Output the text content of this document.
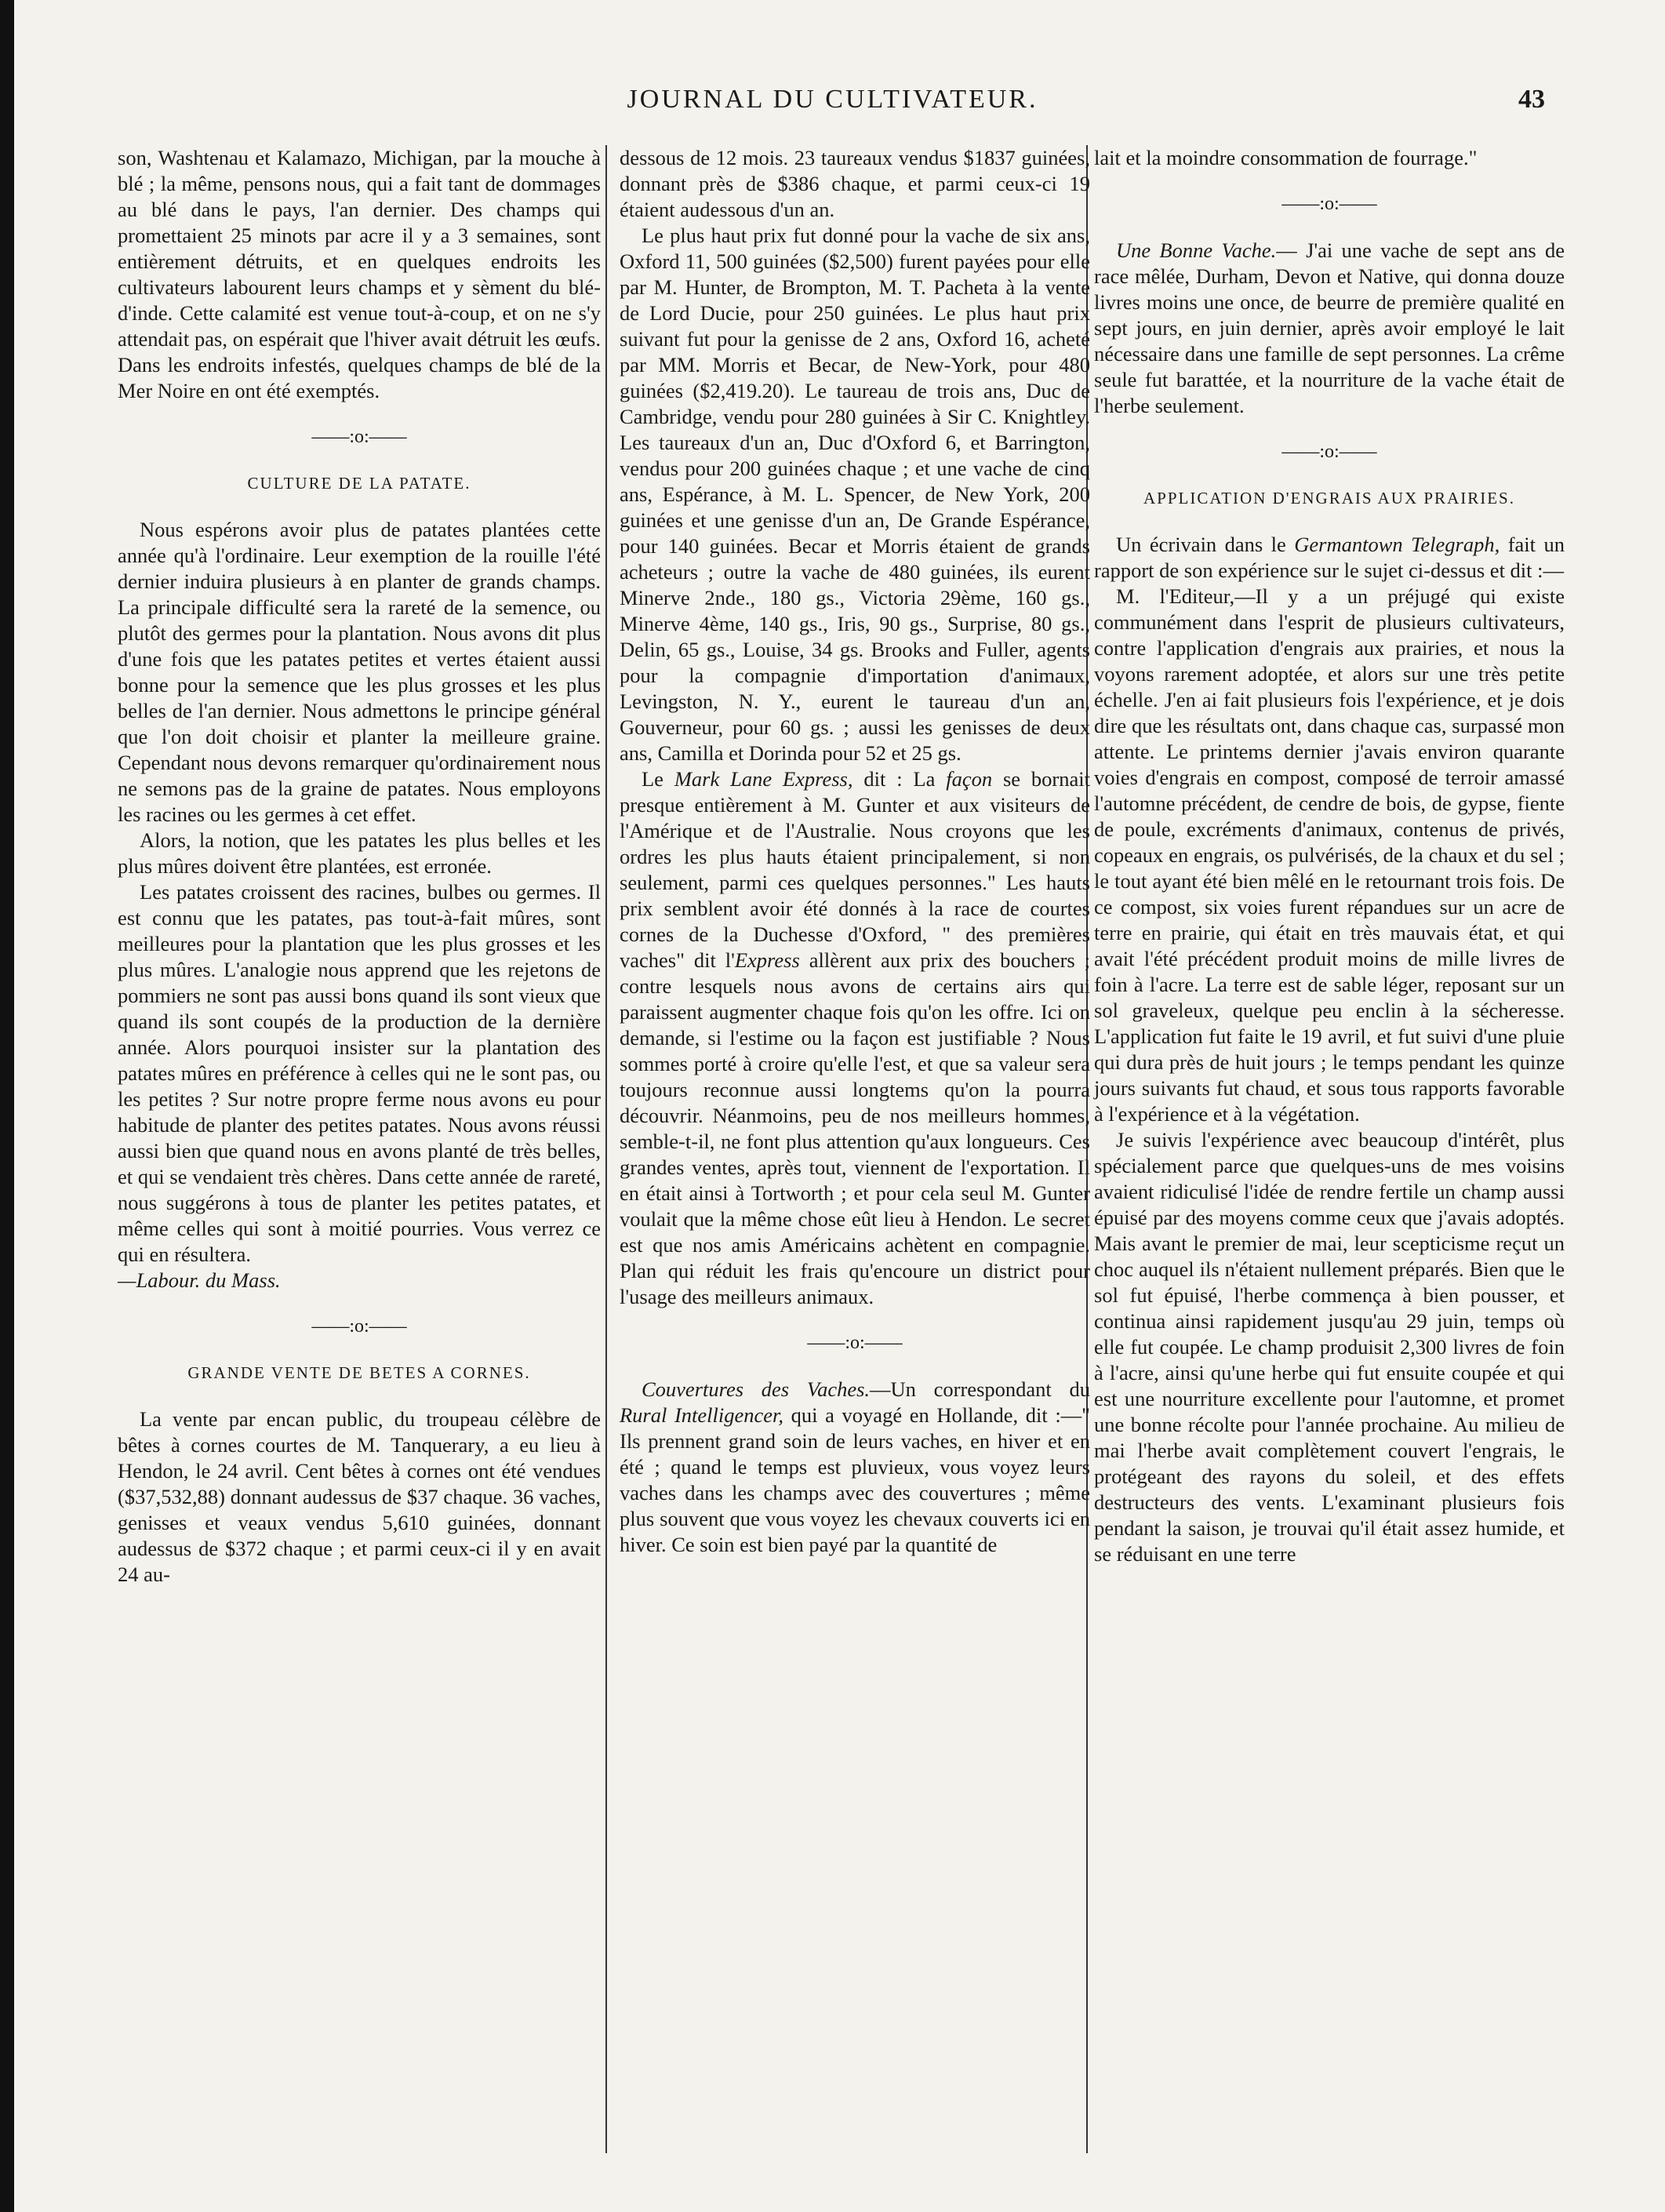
JOURNAL DU CULTIVATEUR.	43

son, Washtenau et Kalamazo, Michigan, par la mouche à blé ; la même, pensons nous, qui a fait tant de dommages au blé dans le pays, l'an dernier. Des champs qui promettaient 25 minots par acre il y a 3 semaines, sont entièrement détruits, et en quelques endroits les cultivateurs labourent leurs champs et y sèment du blé-d'inde. Cette calamité est venue tout-à-coup, et on ne s'y attendait pas, on espérait que l'hiver avait détruit les œufs. Dans les endroits infestés, quelques champs de blé de la Mer Noire en ont été exemptés.

——:o:——
CULTURE DE LA PATATE.

Nous espérons avoir plus de patates plantées cette année qu'à l'ordinaire. Leur exemption de la rouille l'été dernier induira plusieurs à en planter de grands champs. La principale difficulté sera la rareté de la semence, ou plutôt des germes pour la plantation. Nous avons dit plus d'une fois que les patates petites et vertes étaient aussi bonne pour la semence que les plus grosses et les plus belles de l'an dernier. Nous admettons le principe général que l'on doit choisir et planter la meilleure graine. Cependant nous devons remarquer qu'ordinairement nous ne semons pas de la graine de patates. Nous employons les racines ou les germes à cet effet.

Alors, la notion, que les patates les plus belles et les plus mûres doivent être plantées, est erronée.

Les patates croissent des racines, bulbes ou germes. Il est connu que les patates, pas tout-à-fait mûres, sont meilleures pour la plantation que les plus grosses et les plus mûres. L'analogie nous apprend que les rejetons de pommiers ne sont pas aussi bons quand ils sont vieux que quand ils sont coupés de la production de la dernière année. Alors pourquoi insister sur la plantation des patates mûres en préférence à celles qui ne le sont pas, ou les petites ? Sur notre propre ferme nous avons eu pour habitude de planter des petites patates. Nous avons réussi aussi bien que quand nous en avons planté de très belles, et qui se vendaient très chères. Dans cette année de rareté, nous suggérons à tous de planter les petites patates, et même celles qui sont à moitié pourries. Vous verrez ce qui en résultera.

—Labour. du Mass.

——:o:——
GRANDE VENTE DE BETES A CORNES.

La vente par encan public, du troupeau célèbre de bêtes à cornes courtes de M. Tanquerary, a eu lieu à Hendon, le 24 avril. Cent bêtes à cornes ont été vendues ($37,532,88) donnant audessus de $37 chaque. 36 vaches, genisses et veaux vendus 5,610 guinées, donnant audessus de $372 chaque ; et parmi ceux-ci il y en avait 24 au-

dessous de 12 mois. 23 taureaux vendus $1837 guinées, donnant près de $386 chaque, et parmi ceux-ci 19 étaient audessous d'un an.

Le plus haut prix fut donné pour la vache de six ans, Oxford 11, 500 guinées ($2,500) furent payées pour elle par M. Hunter, de Brompton, M. T. Pacheta à la vente de Lord Ducie, pour 250 guinées. Le plus haut prix suivant fut pour la genisse de 2 ans, Oxford 16, acheté par MM. Morris et Becar, de New-York, pour 480 guinées ($2,419.20). Le taureau de trois ans, Duc de Cambridge, vendu pour 280 guinées à Sir C. Knightley. Les taureaux d'un an, Duc d'Oxford 6, et Barrington, vendus pour 200 guinées chaque ; et une vache de cinq ans, Espérance, à M. L. Spencer, de New York, 200 guinées et une genisse d'un an, De Grande Espérance, pour 140 guinées. Becar et Morris étaient de grands acheteurs ; outre la vache de 480 guinées, ils eurent Minerve 2nde., 180 gs., Victoria 29ème, 160 gs., Minerve 4ème, 140 gs., Iris, 90 gs., Surprise, 80 gs., Delin, 65 gs., Louise, 34 gs. Brooks and Fuller, agents pour la compagnie d'importation d'animaux, Levingston, N. Y., eurent le taureau d'un an, Gouverneur, pour 60 gs. ; aussi les genisses de deux ans, Camilla et Dorinda pour 52 et 25 gs.

Le Mark Lane Express, dit : La façon se bornait presque entièrement à M. Gunter et aux visiteurs de l'Amérique et de l'Australie. Nous croyons que les ordres les plus hauts étaient principalement, si non seulement, parmi ces quelques personnes." Les hauts prix semblent avoir été donnés à la race de courtes cornes de la Duchesse d'Oxford, " des premières vaches" dit l'Express allèrent aux prix des bouchers ; contre lesquels nous avons de certains airs qui paraissent augmenter chaque fois qu'on les offre. Ici on demande, si l'estime ou la façon est justifiable ? Nous sommes porté à croire qu'elle l'est, et que sa valeur sera toujours reconnue aussi longtems qu'on la pourra découvrir. Néanmoins, peu de nos meilleurs hommes, semble-t-il, ne font plus attention qu'aux longueurs. Ces grandes ventes, après tout, viennent de l'exportation. Il en était ainsi à Tortworth ; et pour cela seul M. Gunter voulait que la même chose eût lieu à Hendon. Le secret est que nos amis Américains achètent en compagnie. Plan qui réduit les frais qu'encoure un district pour l'usage des meilleurs animaux.

——:o:——

Couvertures des Vaches.—Un correspondant du Rural Intelligencer, qui a voyagé en Hollande, dit :—" Ils prennent grand soin de leurs vaches, en hiver et en été ; quand le temps est pluvieux, vous voyez leurs vaches dans les champs avec des couvertures ; même plus souvent que vous voyez les chevaux couverts ici en hiver. Ce soin est bien payé par la quantité de

lait et la moindre consommation de fourrage."

——:o:——

Une Bonne Vache.— J'ai une vache de sept ans de race mêlée, Durham, Devon et Native, qui donna douze livres moins une once, de beurre de première qualité en sept jours, en juin dernier, après avoir employé le lait nécessaire dans une famille de sept personnes. La crême seule fut barattée, et la nourriture de la vache était de l'herbe seulement.

——:o:——
APPLICATION D'ENGRAIS AUX PRAIRIES.

Un écrivain dans le Germantown Telegraph, fait un rapport de son expérience sur le sujet ci-dessus et dit :—

M. l'Editeur,—Il y a un préjugé qui existe communément dans l'esprit de plusieurs cultivateurs, contre l'application d'engrais aux prairies, et nous la voyons rarement adoptée, et alors sur une très petite échelle. J'en ai fait plusieurs fois l'expérience, et je dois dire que les résultats ont, dans chaque cas, surpassé mon attente. Le printems dernier j'avais environ quarante voies d'engrais en compost, composé de terroir amassé l'automne précédent, de cendre de bois, de gypse, fiente de poule, excréments d'animaux, contenus de privés, copeaux en engrais, os pulvérisés, de la chaux et du sel ; le tout ayant été bien mêlé en le retournant trois fois. De ce compost, six voies furent répandues sur un acre de terre en prairie, qui était en très mauvais état, et qui avait l'été précédent produit moins de mille livres de foin à l'acre. La terre est de sable léger, reposant sur un sol graveleux, quelque peu enclin à la sécheresse. L'application fut faite le 19 avril, et fut suivi d'une pluie qui dura près de huit jours ; le temps pendant les quinze jours suivants fut chaud, et sous tous rapports favorable à l'expérience et à la végétation.

Je suivis l'expérience avec beaucoup d'intérêt, plus spécialement parce que quelques-uns de mes voisins avaient ridiculisé l'idée de rendre fertile un champ aussi épuisé par des moyens comme ceux que j'avais adoptés. Mais avant le premier de mai, leur scepticisme reçut un choc auquel ils n'étaient nullement préparés. Bien que le sol fut épuisé, l'herbe commença à bien pousser, et continua ainsi rapidement jusqu'au 29 juin, temps où elle fut coupée. Le champ produisit 2,300 livres de foin à l'acre, ainsi qu'une herbe qui fut ensuite coupée et qui est une nourriture excellente pour l'automne, et promet une bonne récolte pour l'année prochaine. Au milieu de mai l'herbe avait complètement couvert l'engrais, le protégeant des rayons du soleil, et des effets destructeurs des vents. L'examinant plusieurs fois pendant la saison, je trouvai qu'il était assez humide, et se réduisant en une terre
